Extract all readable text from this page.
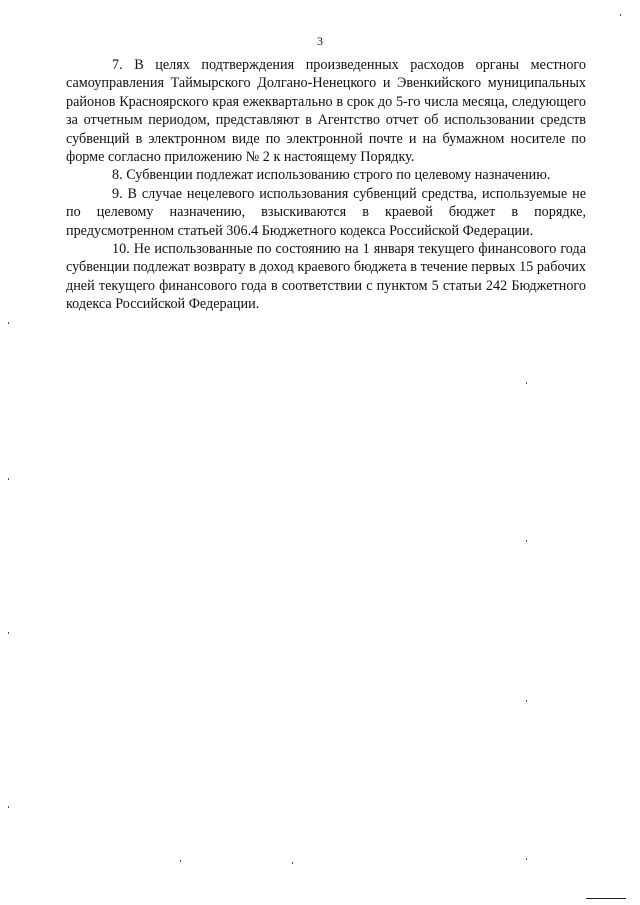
3

7. В целях подтверждения произведенных расходов органы местного самоуправления Таймырского Долгано-Ненецкого и Эвенкийского муниципальных районов Красноярского края ежеквартально в срок до 5-го числа месяца, следующего за отчетным периодом, представляют в Агентство отчет об использовании средств субвенций в электронном виде по электронной почте и на бумажном носителе по форме согласно приложению № 2 к настоящему Порядку.

8. Субвенции подлежат использованию строго по целевому назначению.

9. В случае нецелевого использования субвенций средства, используемые не по целевому назначению, взыскиваются в краевой бюджет в порядке, предусмотренном статьей 306.4 Бюджетного кодекса Российской Федерации.

10. Не использованные по состоянию на 1 января текущего финансового года субвенции подлежат возврату в доход краевого бюджета в течение первых 15 рабочих дней текущего финансового года в соответствии с пунктом 5 статьи 242 Бюджетного кодекса Российской Федерации.
